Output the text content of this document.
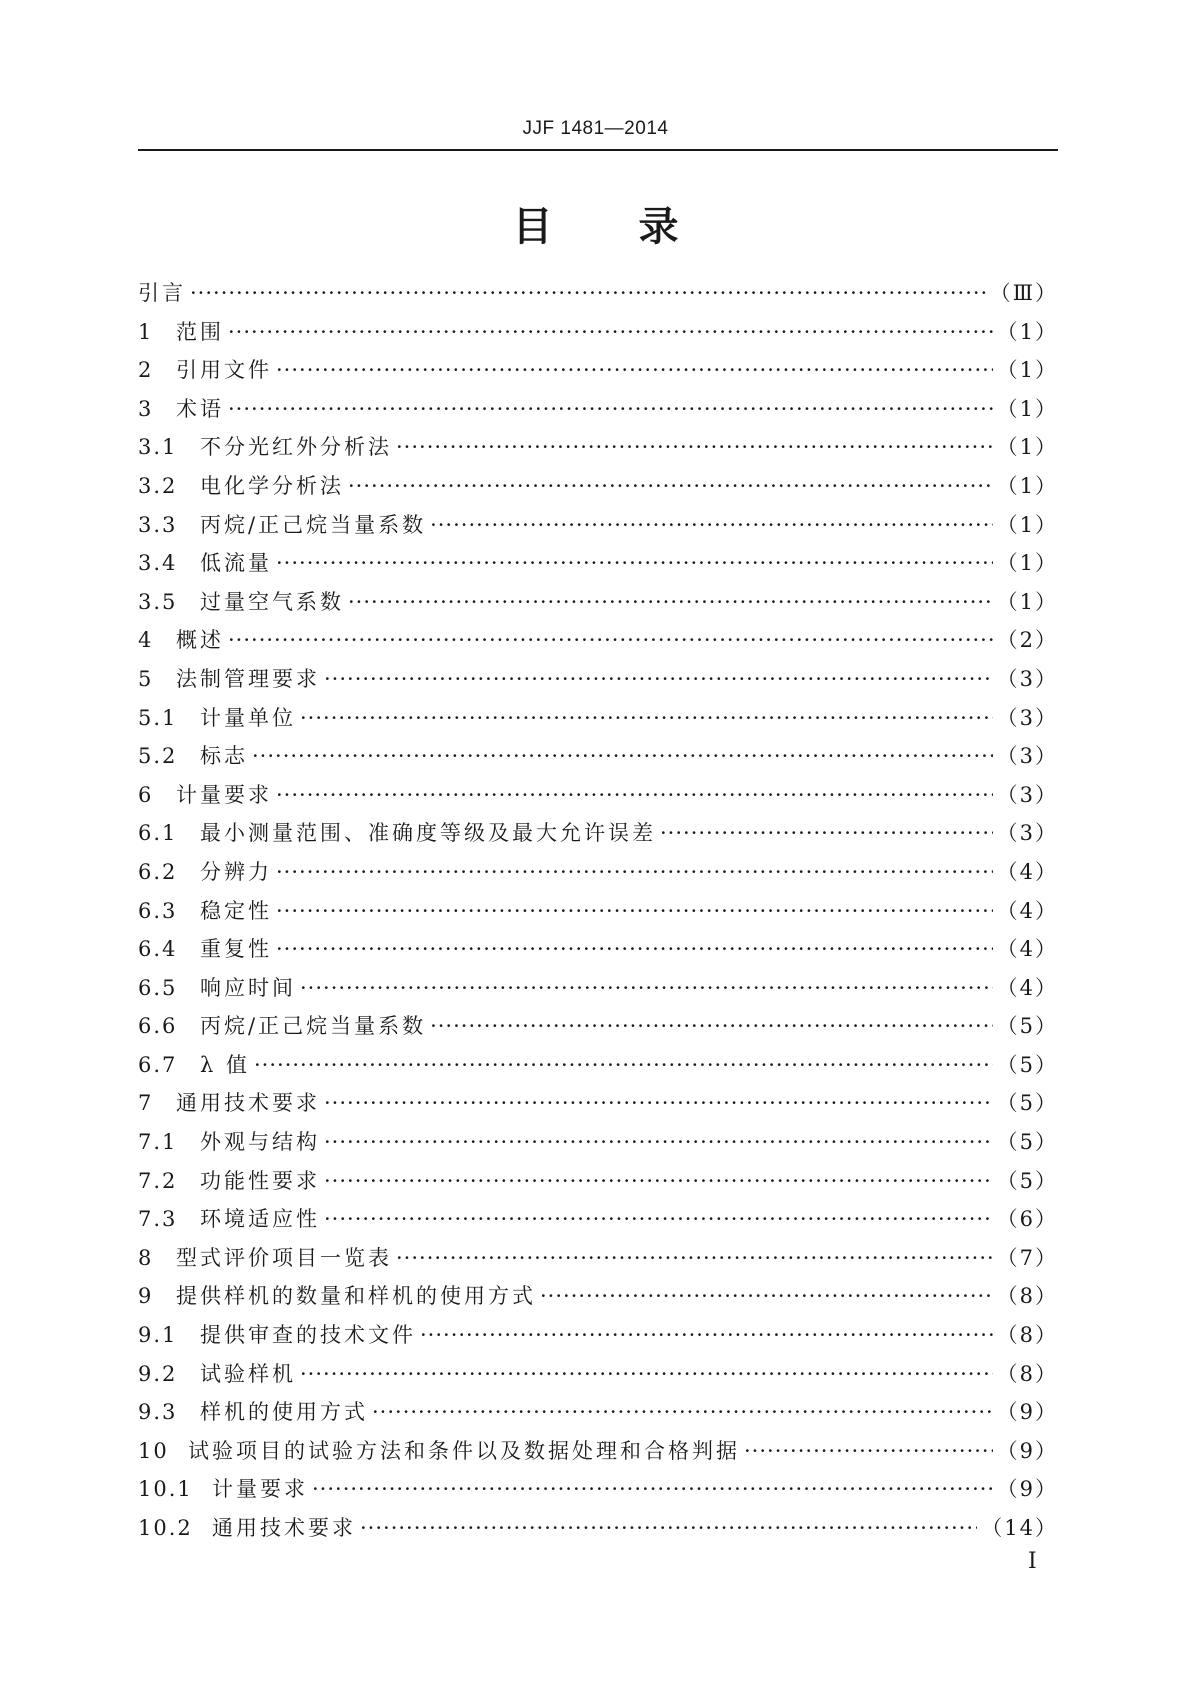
JJF 1481—2014
目 录
引言 ·····	（Ⅲ）
1	范围 ·····	（1）
2	引用文件 ·····	（1）
3	术语 ·····	（1）
3.1	不分光红外分析法 ·····	（1）
3.2	电化学分析法 ·····	（1）
3.3	丙烷/正己烷当量系数 ·····	（1）
3.4	低流量 ·····	（1）
3.5	过量空气系数 ·····	（1）
4	概述 ·····	（2）
5	法制管理要求 ·····	（3）
5.1	计量单位 ·····	（3）
5.2	标志 ·····	（3）
6	计量要求 ·····	（3）
6.1	最小测量范围、准确度等级及最大允许误差 ·····	（3）
6.2	分辨力 ·····	（4）
6.3	稳定性 ·····	（4）
6.4	重复性 ·····	（4）
6.5	响应时间 ·····	（4）
6.6	丙烷/正己烷当量系数 ·····	（5）
6.7	λ 值 ·····	（5）
7	通用技术要求 ·····	（5）
7.1	外观与结构 ·····	（5）
7.2	功能性要求 ·····	（5）
7.3	环境适应性 ·····	（6）
8	型式评价项目一览表 ·····	（7）
9	提供样机的数量和样机的使用方式 ·····	（8）
9.1	提供审查的技术文件 ·····	（8）
9.2	试验样机 ·····	（8）
9.3	样机的使用方式 ·····	（9）
10 试验项目的试验方法和条件以及数据处理和合格判据 ·····	（9）
10.1 计量要求 ·····	（9）
10.2 通用技术要求 ·····	（14）
Ⅰ
